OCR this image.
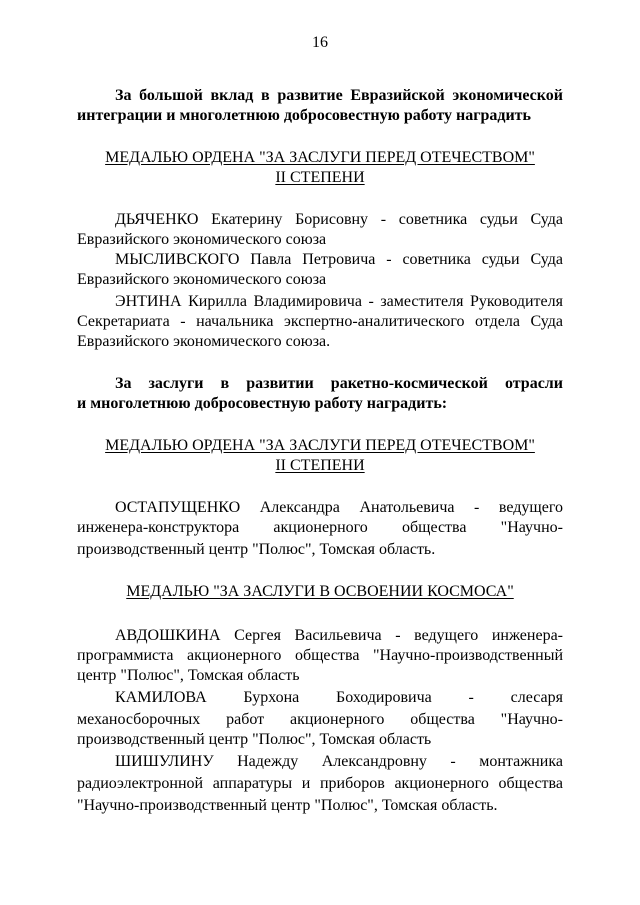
16
За большой вклад в развитие Евразийской экономической
интеграции и многолетнюю добросовестную работу наградить
МЕДАЛЬЮ ОРДЕНА "ЗА ЗАСЛУГИ ПЕРЕД ОТЕЧЕСТВОМ"
II СТЕПЕНИ
ДЬЯЧЕНКО Екатерину Борисовну - советника судьи Суда
Евразийского экономического союза
МЫСЛИВСКОГО Павла Петровича - советника судьи Суда
Евразийского экономического союза
ЭНТИНА Кирилла Владимировича - заместителя Руководителя
Секретариата - начальника экспертно-аналитического отдела Суда
Евразийского экономического союза.
За заслуги в развитии ракетно-космической отрасли
и многолетнюю добросовестную работу наградить:
МЕДАЛЬЮ ОРДЕНА "ЗА ЗАСЛУГИ ПЕРЕД ОТЕЧЕСТВОМ"
II СТЕПЕНИ
ОСТАПУЩЕНКО Александра Анатольевича - ведущего
инженера-конструктора акционерного общества "Научно-
производственный центр "Полюс", Томская область.
МЕДАЛЬЮ "ЗА ЗАСЛУГИ В ОСВОЕНИИ КОСМОСА"
АВДОШКИНА Сергея Васильевича - ведущего инженера-
программиста акционерного общества "Научно-производственный
центр "Полюс", Томская область
КАМИЛОВА Бурхона Боходировича - слесаря
механосборочных работ акционерного общества "Научно-
производственный центр "Полюс", Томская область
ШИШУЛИНУ Надежду Александровну - монтажника
радиоэлектронной аппаратуры и приборов акционерного общества
"Научно-производственный центр "Полюс", Томская область.
